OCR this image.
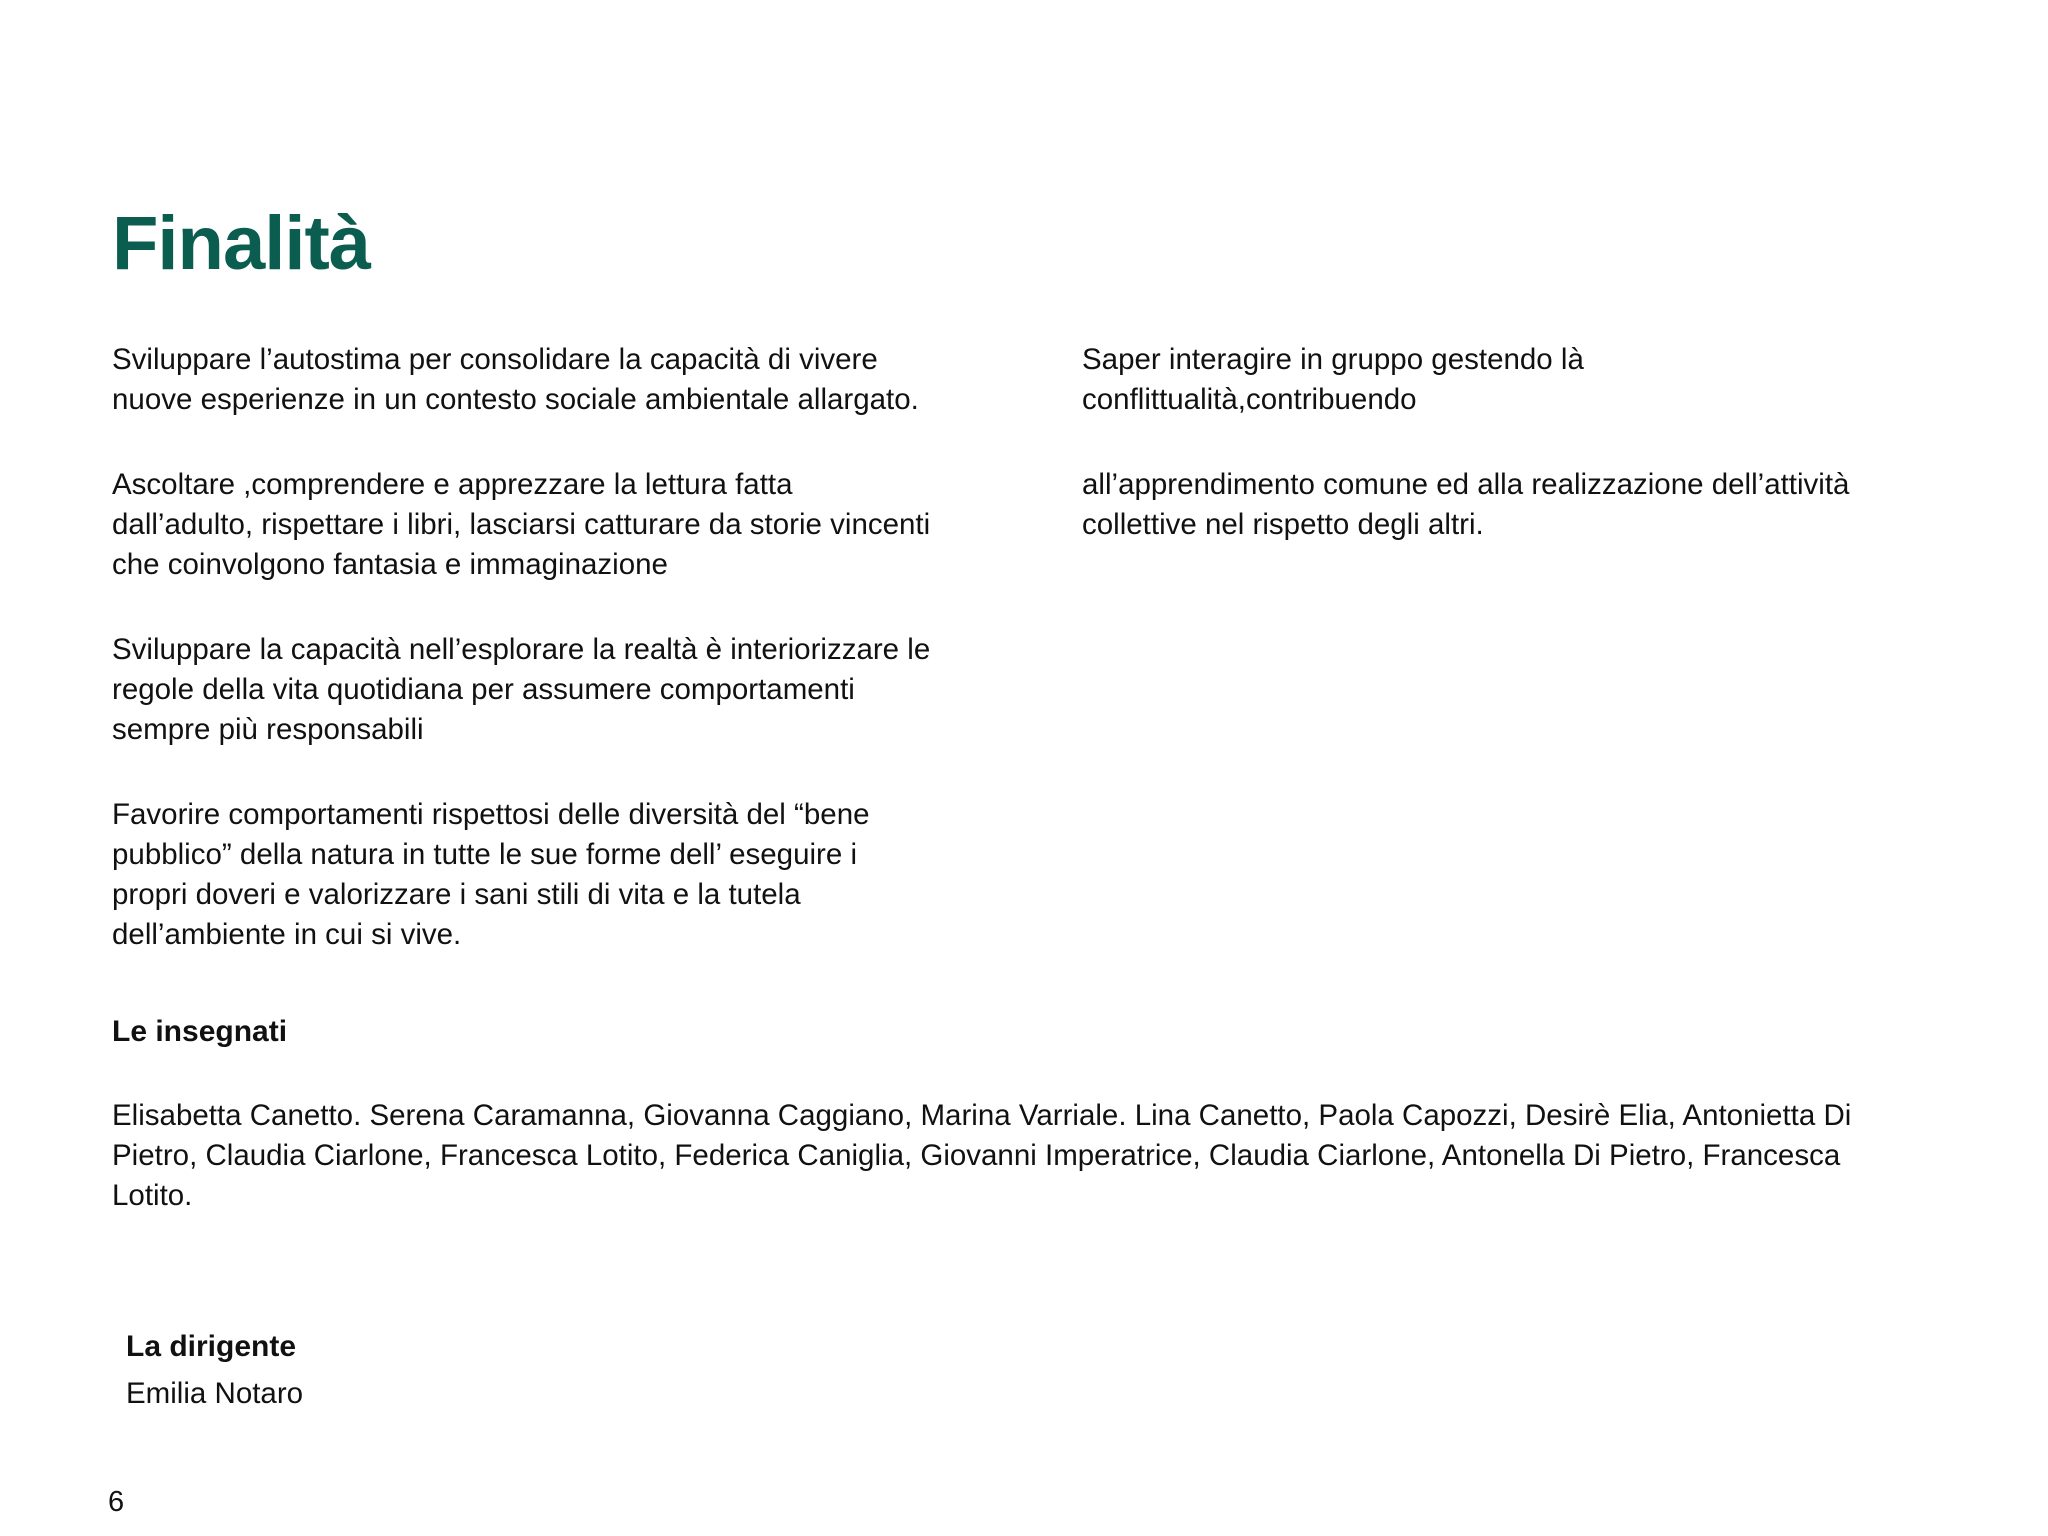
Finalità

Sviluppare l’autostima per consolidare la capacità di vivere
nuove esperienze in un contesto sociale ambientale allargato.

Ascoltare ,comprendere e apprezzare la lettura fatta
dall’adulto, rispettare i libri, lasciarsi catturare da storie vincenti
che coinvolgono fantasia e immaginazione

Sviluppare la capacità nell’esplorare la realtà è interiorizzare le
regole della vita quotidiana per assumere comportamenti
sempre più responsabili

Favorire comportamenti rispettosi delle diversità del “bene
pubblico” della natura in tutte le sue forme dell’ eseguire i
propri doveri e valorizzare i sani stili di vita e la tutela
dell’ambiente in cui si vive.

Saper interagire in gruppo gestendo là
conflittualità,contribuendo

all’apprendimento comune ed alla realizzazione dell’attività
collettive nel rispetto degli altri.

Le insegnati

Elisabetta Canetto. Serena Caramanna, Giovanna Caggiano, Marina Varriale. Lina Canetto, Paola Capozzi, Desirè Elia, Antonietta Di
Pietro, Claudia Ciarlone, Francesca Lotito, Federica Caniglia, Giovanni Imperatrice, Claudia Ciarlone, Antonella Di Pietro, Francesca
Lotito.

La dirigente

Emilia Notaro

6
